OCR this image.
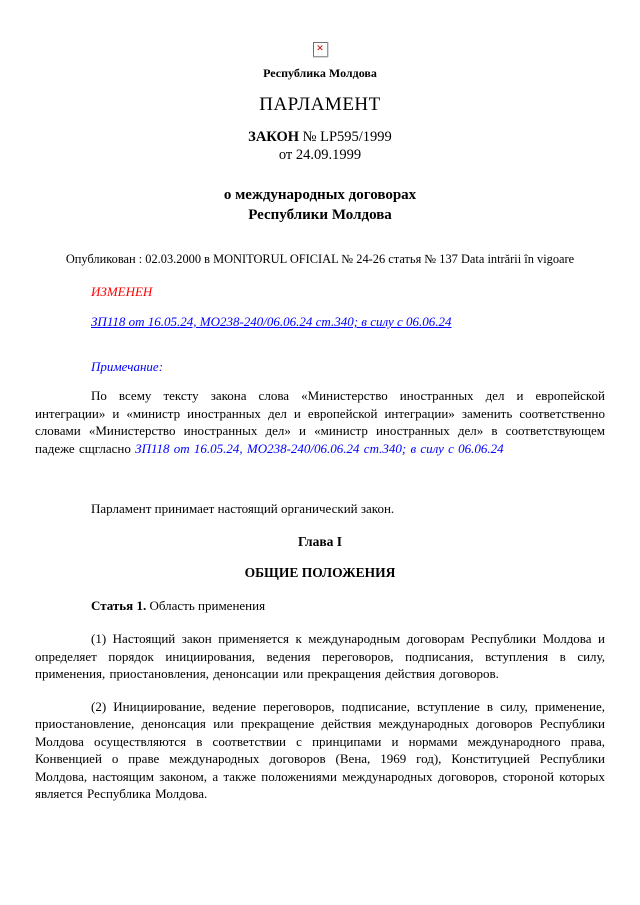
✕
Республика Молдова
ПАРЛАМЕНТ
ЗАКОН № LP595/1999
от 24.09.1999
о международных договорах
Республики Молдова
Опубликован : 02.03.2000 в MONITORUL OFICIAL № 24-26 статья № 137 Data intrării în vigoare
ИЗМЕНЕН
ЗП118 от 16.05.24, МО238-240/06.06.24 ст.340; в силу с 06.06.24
Примечание:
По всему тексту закона слова «Министерство иностранных дел и европейской интеграции» и «министр иностранных дел и европейской интеграции» заменить соответственно словами «Министерство иностранных дел» и «министр иностранных дел» в соответствующем падеже сщгласно ЗП118 от 16.05.24, МО238-240/06.06.24 ст.340; в силу с 06.06.24
Парламент принимает настоящий органический закон.
Глава I
ОБЩИЕ ПОЛОЖЕНИЯ
Статья 1. Область применения
(1) Настоящий закон применяется к международным договорам Республики Молдова и определяет порядок инициирования, ведения переговоров, подписания, вступления в силу, применения, приостановления, денонсации или прекращения действия договоров.
(2) Инициирование, ведение переговоров, подписание, вступление в силу, применение, приостановление, денонсация или прекращение действия международных договоров Республики Молдова осуществляются в соответствии с принципами и нормами международного права, Конвенцией о праве международных договоров (Вена, 1969 год), Конституцией Республики Молдова, настоящим законом, а также положениями международных договоров, стороной которых является Республика Молдова.
